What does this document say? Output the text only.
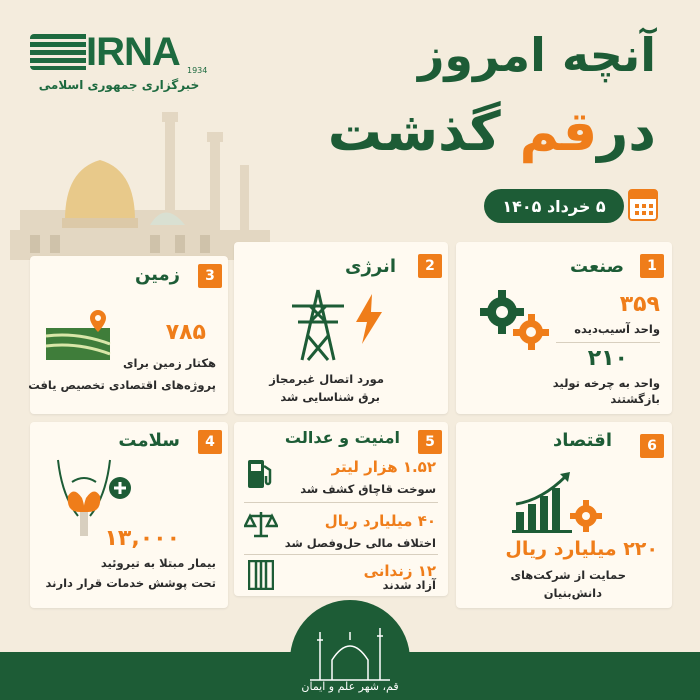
IRNA 1934
خبرگزاری جمهوری اسلامی
آنچه امروز
درقم گذشت
۵ خرداد ۱۴۰۵
1
صنعت
۳۵۹
واحد آسیب‌دیده
۲۱۰
واحد به چرخه تولید
بازگشتند
2
انرژی
مورد اتصال غیرمجاز
برق شناسایی شد
3
زمین
۷۸۵
هکتار زمین برای
پروژه‌های اقتصادی تخصیص یافت
6
اقتصاد
۲۲۰ میلیارد ریال
حمایت از شرکت‌های
دانش‌بنیان
5
امنیت و عدالت
۱.۵۲ هزار لیتر
سوخت قاچاق کشف شد
۴۰ میلیارد ریال
اختلاف مالی حل‌وفصل شد
۱۲ زندانی
آزاد شدند
4
سلامت
۱۳,۰۰۰
بیمار مبتلا به تیروئید
تحت پوشش خدمات قرار دارند
قم، شهر علم و ایمان
